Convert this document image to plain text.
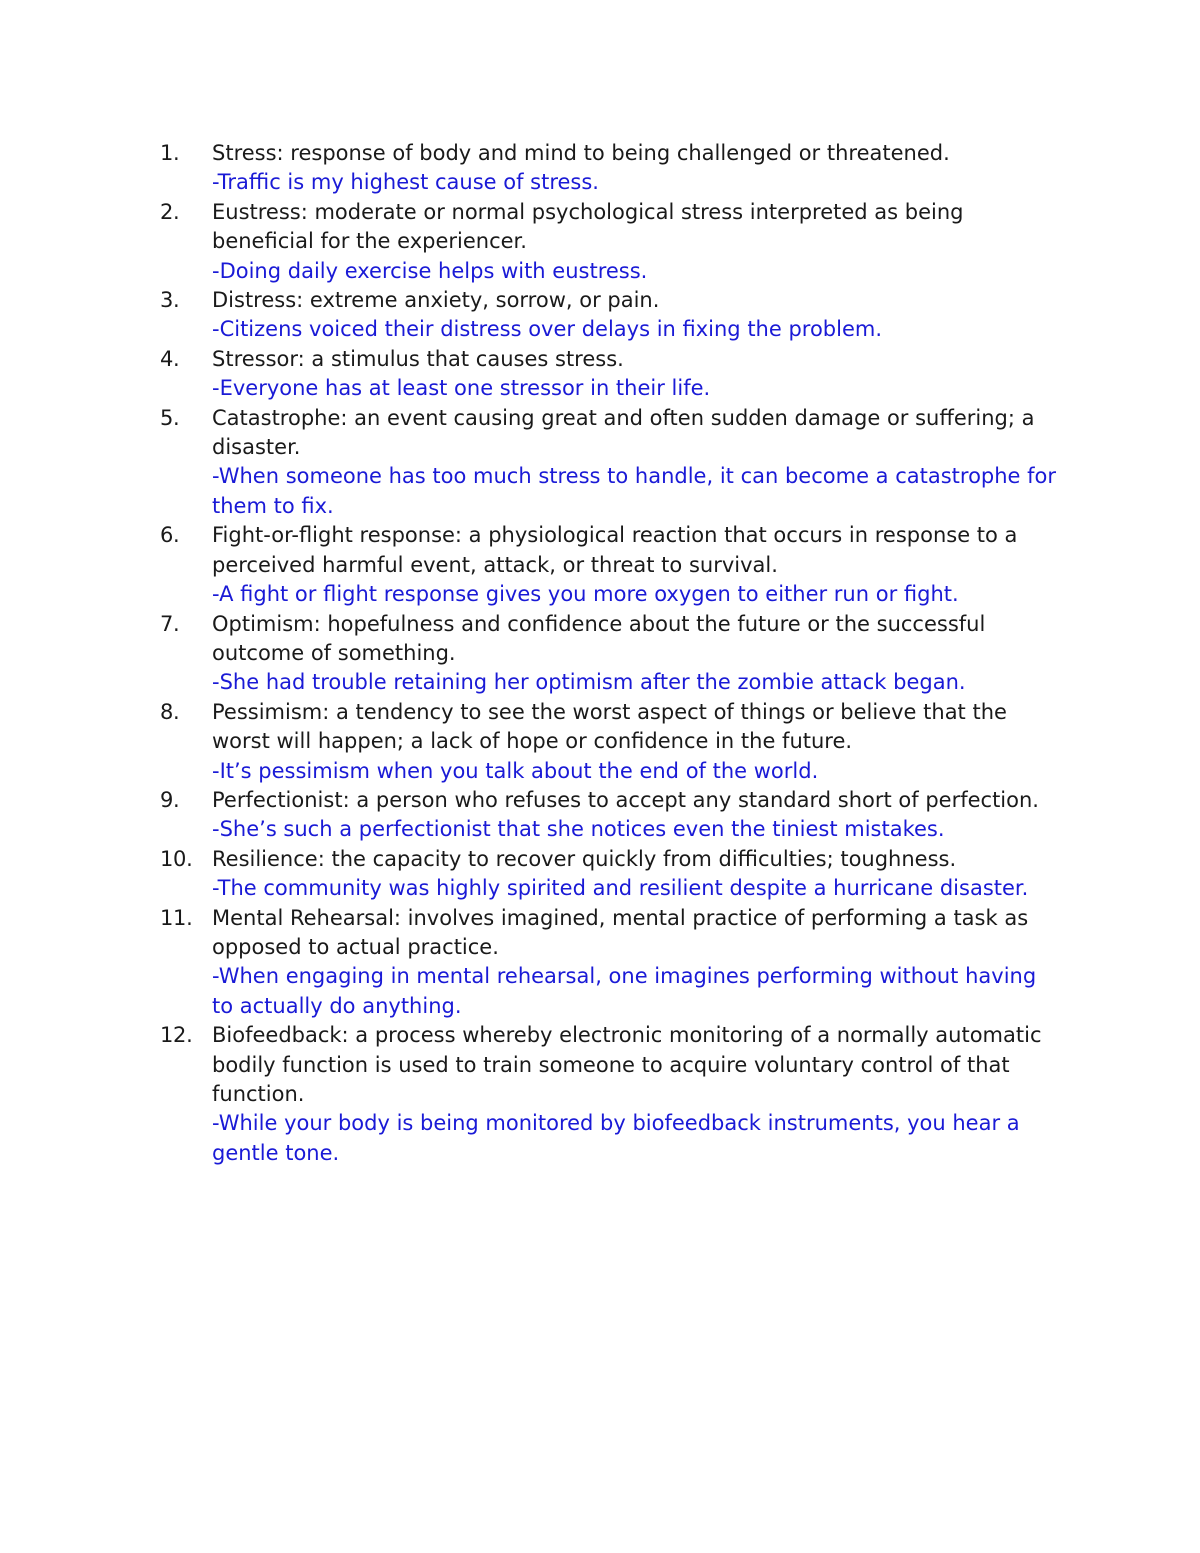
1.	Stress: response of body and mind to being challenged or threatened.
-Traffic is my highest cause of stress.
2.	Eustress: moderate or normal psychological stress interpreted as being beneficial for the experiencer.
-Doing daily exercise helps with eustress.
3.	Distress: extreme anxiety, sorrow, or pain.
-Citizens voiced their distress over delays in fixing the problem.
4.	Stressor: a stimulus that causes stress.
-Everyone has at least one stressor in their life.
5.	Catastrophe: an event causing great and often sudden damage or suffering; a disaster.
-When someone has too much stress to handle, it can become a catastrophe for them to fix.
6.	Fight-or-flight response: a physiological reaction that occurs in response to a perceived harmful event, attack, or threat to survival.
-A fight or flight response gives you more oxygen to either run or fight.
7.	Optimism: hopefulness and confidence about the future or the successful outcome of something.
-She had trouble retaining her optimism after the zombie attack began.
8.	Pessimism: a tendency to see the worst aspect of things or believe that the worst will happen; a lack of hope or confidence in the future.
-It’s pessimism when you talk about the end of the world.
9.	Perfectionist: a person who refuses to accept any standard short of perfection.
-She’s such a perfectionist that she notices even the tiniest mistakes.
10. Resilience: the capacity to recover quickly from difficulties; toughness.
-The community was highly spirited and resilient despite a hurricane disaster.
11. Mental Rehearsal: involves imagined, mental practice of performing a task as opposed to actual practice.
-When engaging in mental rehearsal, one imagines performing without having to actually do anything.
12. Biofeedback: a process whereby electronic monitoring of a normally automatic bodily function is used to train someone to acquire voluntary control of that function.
-While your body is being monitored by biofeedback instruments, you hear a gentle tone.
